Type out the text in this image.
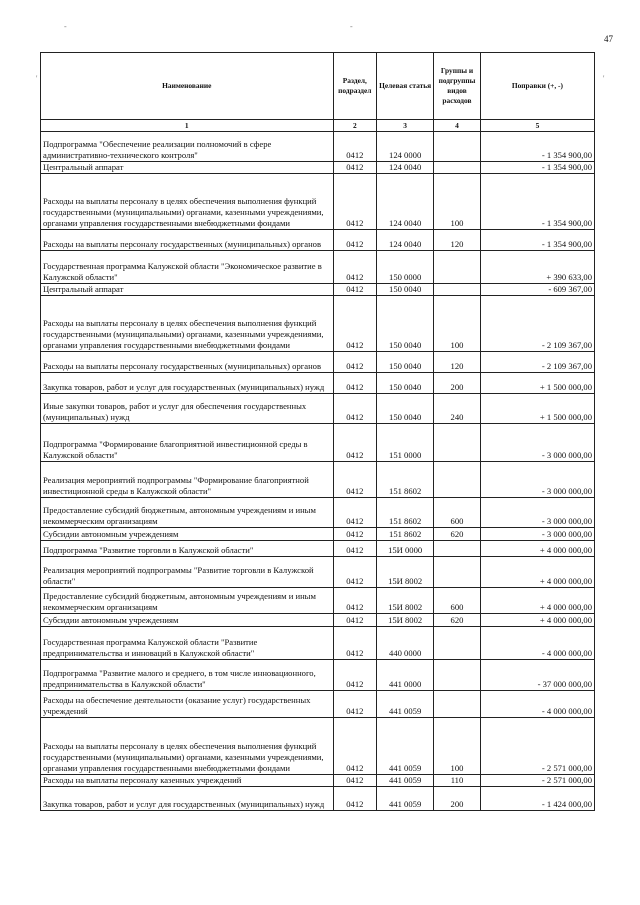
47
-	-
'	'
Наименование	Раздел, подраздел	Целевая статья	Группы и подгруппы видов расходов	Поправки (+, -)
1	2	3	4	5
Подпрограмма "Обеспечение реализации полномочий в сфере административно-технического контроля"	0412	124 0000		- 1 354 900,00
Центральный аппарат	0412	124 0040		- 1 354 900,00
Расходы на выплаты персоналу в целях обеспечения выполнения функций государственными (муниципальными) органами, казенными учреждениями, органами управления государственными внебюджетными фондами	0412	124 0040	100	- 1 354 900,00
Расходы на выплаты персоналу государственных (муниципальных) органов	0412	124 0040	120	- 1 354 900,00
Государственная программа Калужской области "Экономическое развитие в Калужской области"	0412	150 0000		+ 390 633,00
Центральный аппарат	0412	150 0040		- 609 367,00
Расходы на выплаты персоналу в целях обеспечения выполнения функций государственными (муниципальными) органами, казенными учреждениями, органами управления государственными внебюджетными фондами	0412	150 0040	100	- 2 109 367,00
Расходы на выплаты персоналу государственных (муниципальных) органов	0412	150 0040	120	- 2 109 367,00
Закупка товаров, работ и услуг для государственных (муниципальных) нужд	0412	150 0040	200	+ 1 500 000,00
Иные закупки товаров, работ и услуг для обеспечения государственных (муниципальных) нужд	0412	150 0040	240	+ 1 500 000,00
Подпрограмма "Формирование благоприятной инвестиционной среды в Калужской области"	0412	151 0000		- 3 000 000,00
Реализация мероприятий подпрограммы "Формирование благоприятной инвестиционной среды в Калужской области"	0412	151 8602		- 3 000 000,00
Предоставление субсидий бюджетным, автономным учреждениям и иным некоммерческим организациям	0412	151 8602	600	- 3 000 000,00
Субсидии автономным учреждениям	0412	151 8602	620	- 3 000 000,00
Подпрограмма "Развитие торговли в Калужской области"	0412	15И 0000		+ 4 000 000,00
Реализация мероприятий подпрограммы "Развитие торговли в Калужской области"	0412	15И 8002		+ 4 000 000,00
Предоставление субсидий бюджетным, автономным учреждениям и иным некоммерческим организациям	0412	15И 8002	600	+ 4 000 000,00
Субсидии автономным учреждениям	0412	15И 8002	620	+ 4 000 000,00
Государственная программа Калужской области "Развитие предпринимательства и инноваций в Калужской области"	0412	440 0000		- 4 000 000,00
Подпрограмма "Развитие малого и среднего, в том числе инновационного, предпринимательства в Калужской области"	0412	441 0000		- 37 000 000,00
Расходы на обеспечение деятельности (оказание услуг) государственных учреждений	0412	441 0059		- 4 000 000,00
Расходы на выплаты персоналу в целях обеспечения выполнения функций государственными (муниципальными) органами, казенными учреждениями, органами управления государственными внебюджетными фондами	0412	441 0059	100	- 2 571 000,00
Расходы на выплаты персоналу казенных учреждений	0412	441 0059	110	- 2 571 000,00
Закупка товаров, работ и услуг для государственных (муниципальных) нужд	0412	441 0059	200	- 1 424 000,00
